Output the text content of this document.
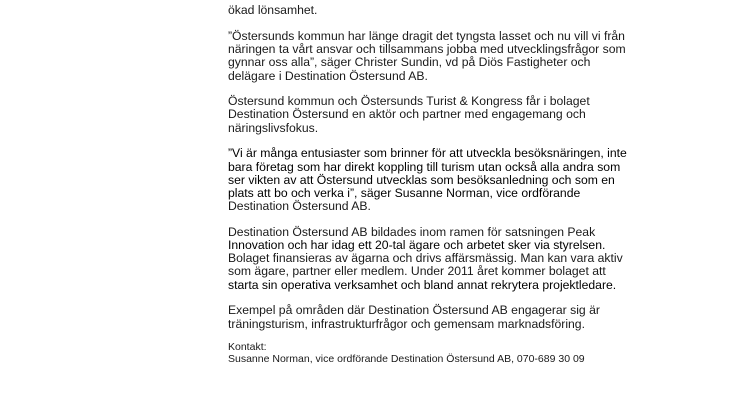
ökad lönsamhet.

”Östersunds kommun har länge dragit det tyngsta lasset och nu vill vi från
näringen ta vårt ansvar och tillsammans jobba med utvecklingsfrågor som
gynnar oss alla”, säger Christer Sundin, vd på Diös Fastigheter och
delägare i Destination Östersund AB.

Östersund kommun och Östersunds Turist & Kongress får i bolaget
Destination Östersund en aktör och partner med engagemang och
näringslivsfokus.

”Vi är många entusiaster som brinner för att utveckla besöksnäringen, inte
bara företag som har direkt koppling till turism utan också alla andra som
ser vikten av att Östersund utvecklas som besöksanledning och som en
plats att bo och verka i”, säger Susanne Norman, vice ordförande
Destination Östersund AB.

Destination Östersund AB bildades inom ramen för satsningen Peak
Innovation och har idag ett 20-tal ägare och arbetet sker via styrelsen.
Bolaget finansieras av ägarna och drivs affärsmässig. Man kan vara aktiv
som ägare, partner eller medlem. Under 2011 året kommer bolaget att
starta sin operativa verksamhet och bland annat rekrytera projektledare.

Exempel på områden där Destination Östersund AB engagerar sig är
träningsturism, infrastrukturfrågor och gemensam marknadsföring.

Kontakt:

Susanne Norman, vice ordförande Destination Östersund AB, 070-689 30 09
